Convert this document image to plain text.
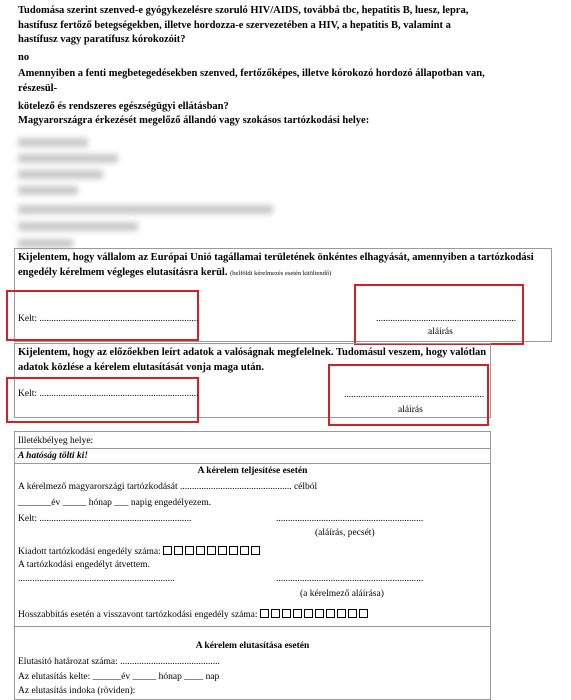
Tudomása szerint szenved-e gyógykezelésre szoruló HIV/AIDS, továbbá tbc, hepatitis B, luesz, lepra, hastífusz fertőző betegségekben, illetve hordozza-e szervezetében a HIV, a hepatitis B, valamint a hastífusz vagy paratífusz kórokozóit?
no
Amennyiben a fenti megbetegedésekben szenved, fertőzőképes, illetve kórokozó hordozó állapotban van, részesül-
kötelező és rendszeres egészségügyi ellátásban?
Magyarországra érkezését megelőző állandó vagy szokásos tartózkodási helye:
Kijelentem, hogy vállalom az Európai Unió tagállamai területének önkéntes elhagyását, amennyiben a tartózkodási engedély kérelmem végleges elutasításra kerül. (belföldi kérelmezés esetén kitöltendő)
Kelt: ...................................................................	...........................................................
aláírás
Kijelentem, hogy az előzőekben leírt adatok a valóságnak megfelelnek. Tudomásul veszem, hogy valótlan adatok közlése a kérelem elutasítását vonja maga után.
Kelt: ...................................................................	...........................................................
aláírás
Illetékbélyeg helye:
A hatóság tölti ki!
A kérelem teljesítése esetén
A kérelmező magyarországi tartózkodását ............................................... célból
_______év _____ hónap ___ napig engedélyezem.
Kelt: ................................................................	..............................................................
(aláírás, pecsét)
Kiadott tartózkodási engedély száma:
A tartózkodási engedélyt átvettem.
..................................................................	..............................................................
(a kérelmező aláírása)
Hosszabbítás esetén a visszavont tartózkodási engedély száma:
A kérelem elutasítása esetén
Elutasító határozat száma: ..........................................
Az elutasítás kelte: ______év _____ hónap ____ nap
Az elutasítás indoka (röviden):
